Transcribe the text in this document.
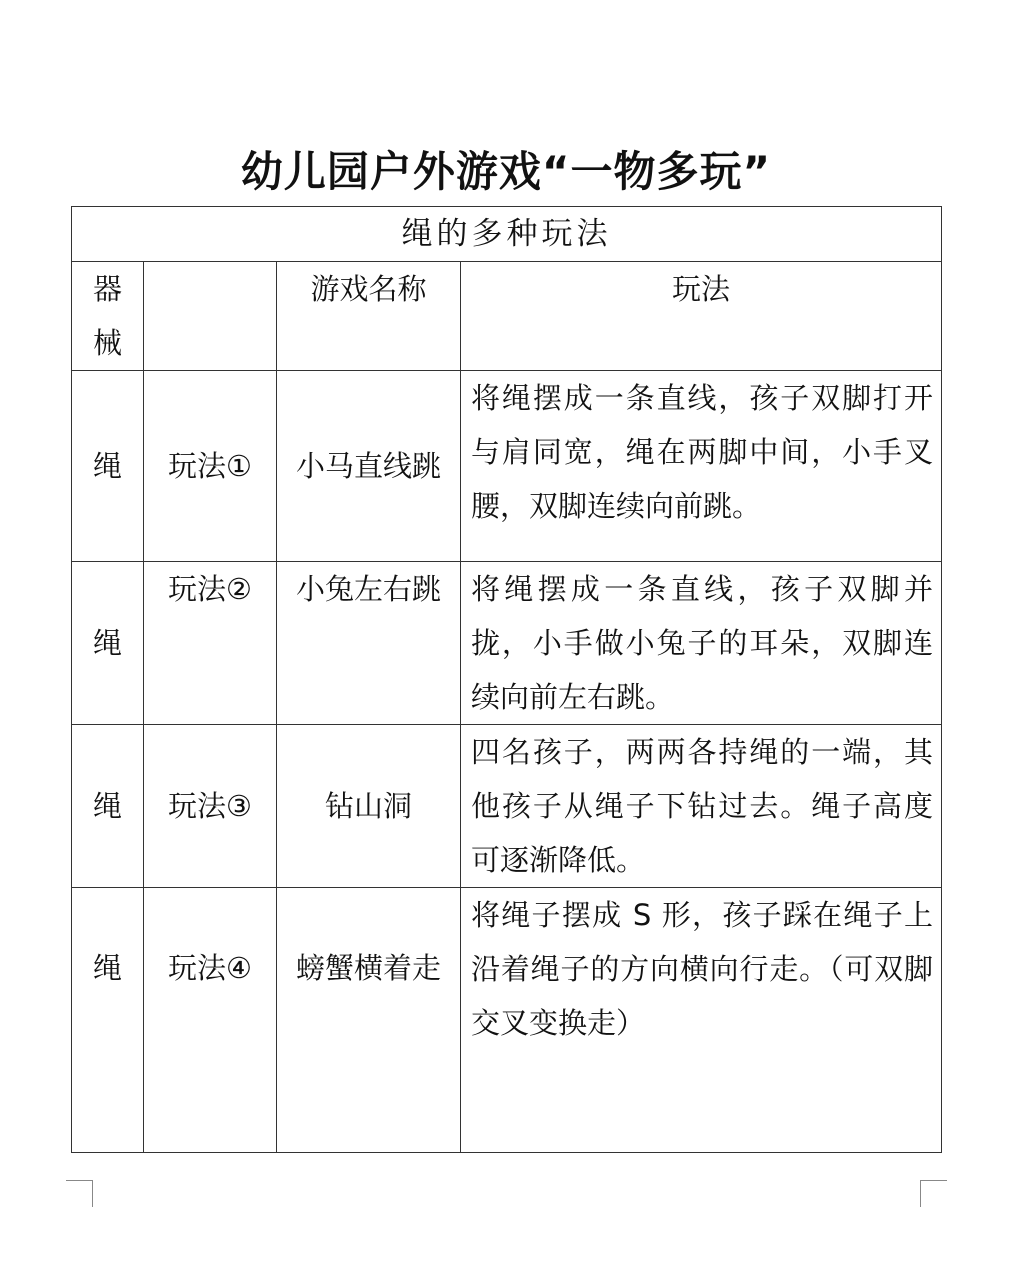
幼儿园户外游戏“一物多玩”
绳的多种玩法			

器械		游戏名称	玩法
绳	玩法①	小马直线跳	将绳摆成一条直线，孩子双脚打开与肩同宽，绳在两脚中间，小手叉腰，双脚连续向前跳。
绳	玩法②	小兔左右跳	将绳摆成一条直线，孩子双脚并拢，小手做小兔子的耳朵，双脚连续向前左右跳。
绳	玩法③	钻山洞	四名孩子，两两各持绳的一端，其他孩子从绳子下钻过去。绳子高度可逐渐降低。
绳	玩法④	螃蟹横着走	将绳子摆成 S 形，孩子踩在绳子上沿着绳子的方向横向行走。（可双脚交叉变换走）
